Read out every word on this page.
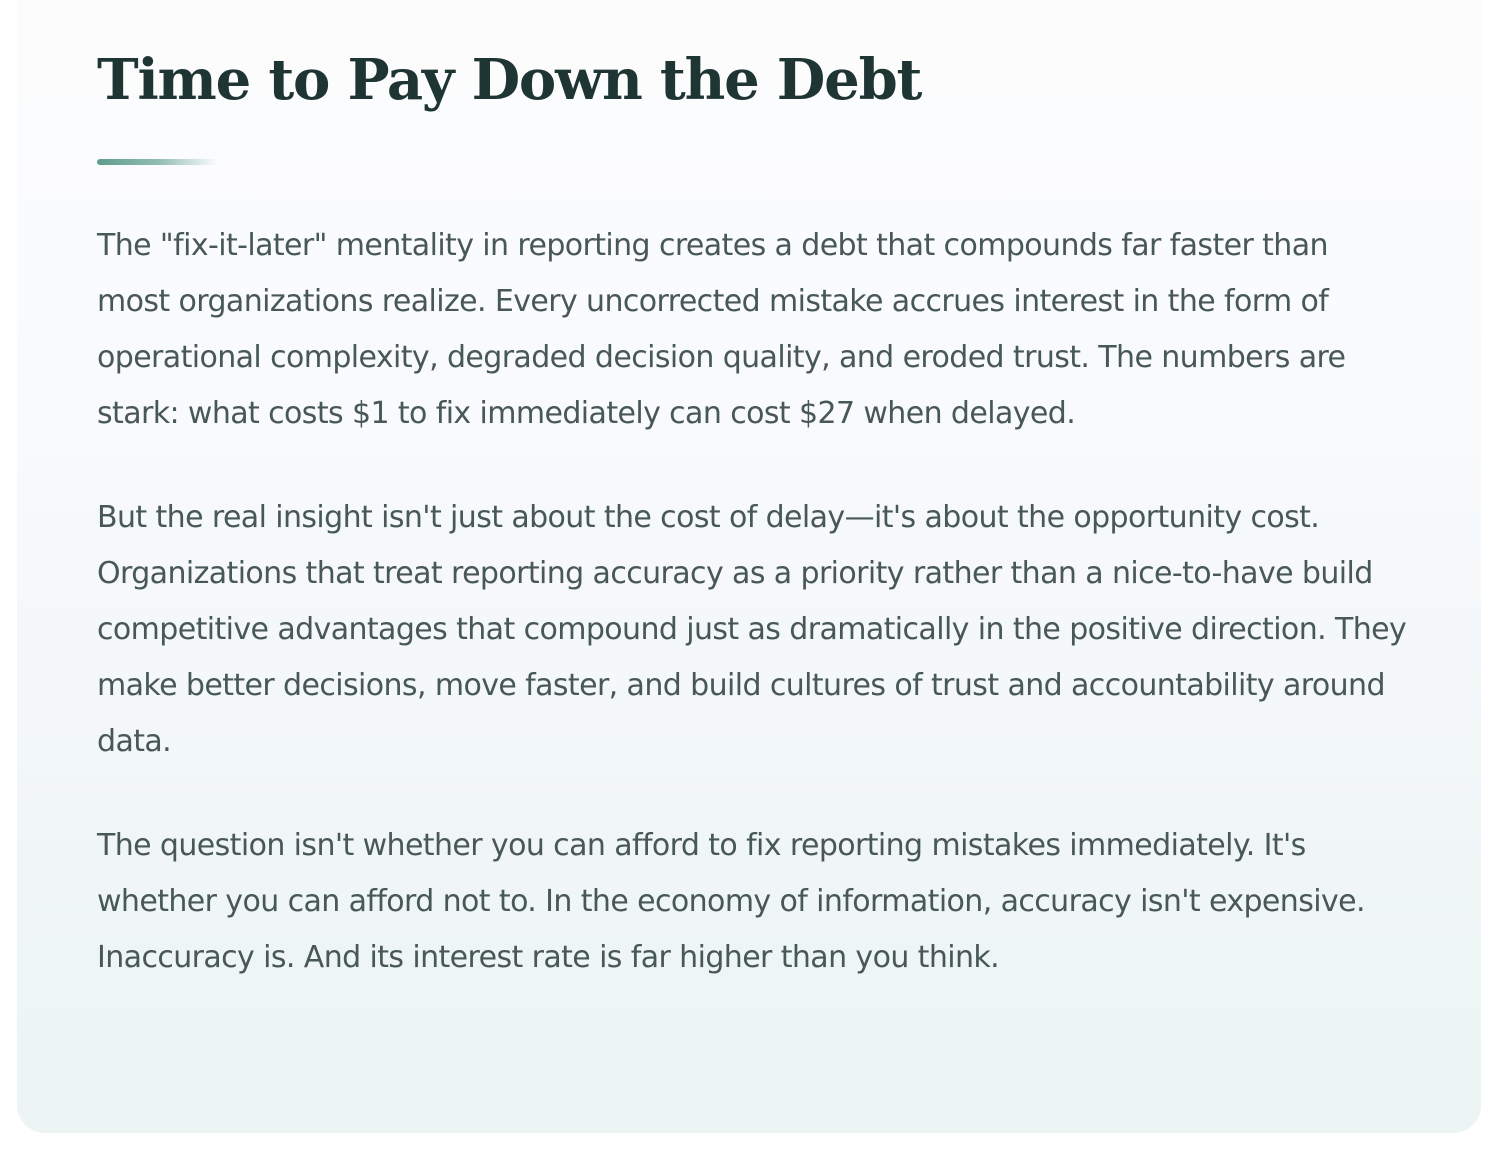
Time to Pay Down the Debt

The "fix-it-later" mentality in reporting creates a debt that compounds far faster than most organizations realize. Every uncorrected mistake accrues interest in the form of operational complexity, degraded decision quality, and eroded trust. The numbers are stark: what costs $1 to fix immediately can cost $27 when delayed.

But the real insight isn't just about the cost of delay—it's about the opportunity cost. Organizations that treat reporting accuracy as a priority rather than a nice-to-have build competitive advantages that compound just as dramatically in the positive direction. They make better decisions, move faster, and build cultures of trust and accountability around data.

The question isn't whether you can afford to fix reporting mistakes immediately. It's whether you can afford not to. In the economy of information, accuracy isn't expensive. Inaccuracy is. And its interest rate is far higher than you think.
